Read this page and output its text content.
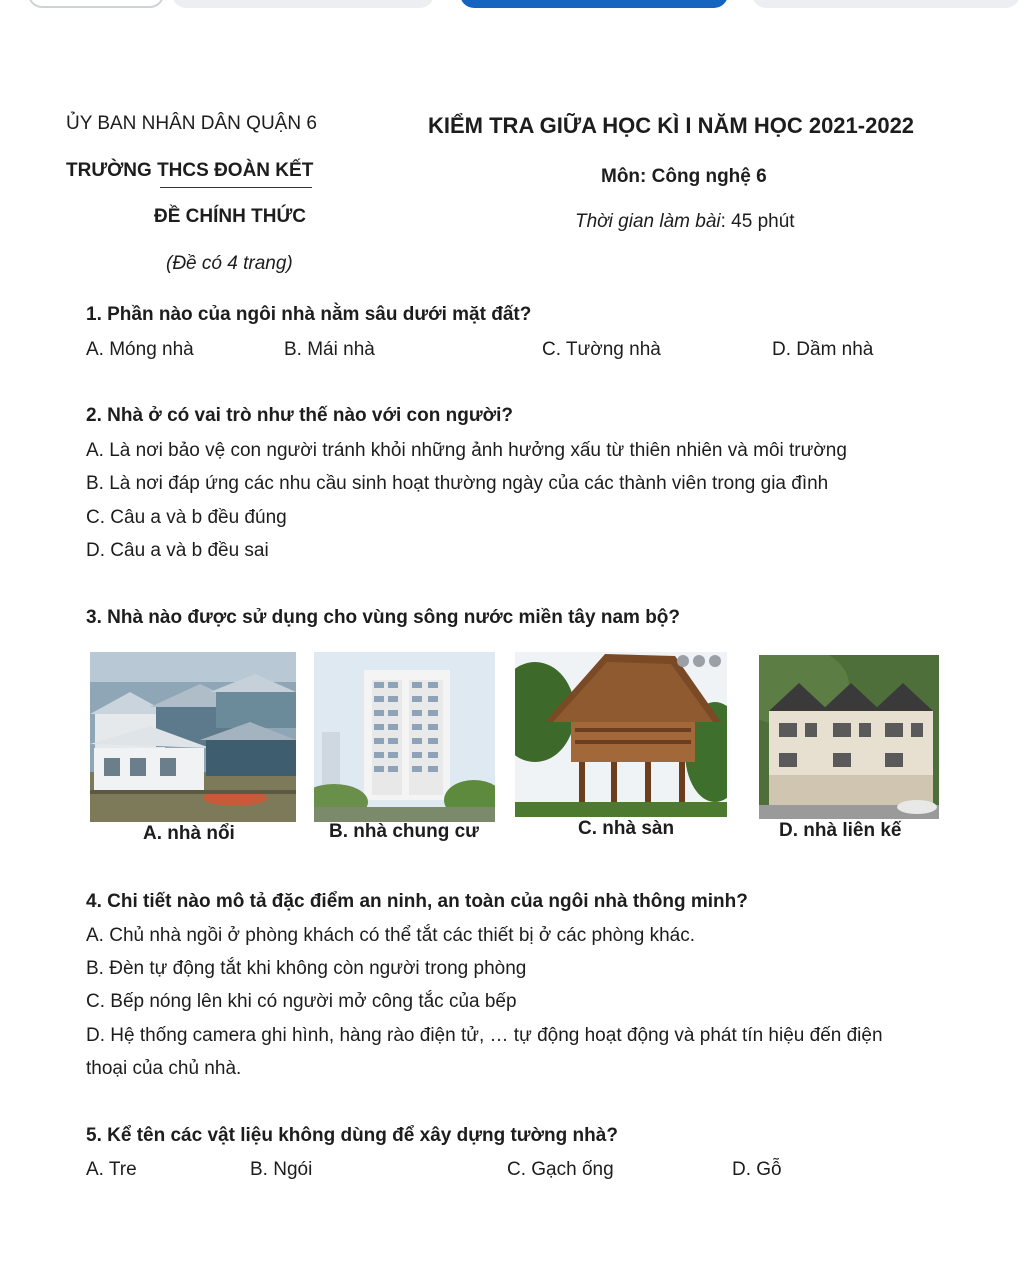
ỦY BAN NHÂN DÂN QUẬN 6	KIỂM TRA GIỮA HỌC KÌ I NĂM HỌC 2021-2022
TRƯỜNG THCS ĐOÀN KẾT	Môn: Công nghệ 6
ĐỀ CHÍNH THỨC	Thời gian làm bài: 45 phút
(Đề có 4 trang)
1. Phần nào của ngôi nhà nằm sâu dưới mặt đất?
A. Móng nhà	B. Mái nhà	C. Tường nhà	D. Dầm nhà
2. Nhà ở có vai trò như thế nào với con người?
A. Là nơi bảo vệ con người tránh khỏi những ảnh hưởng xấu từ thiên nhiên và môi trường
B. Là nơi đáp ứng các nhu cầu sinh hoạt thường ngày của các thành viên trong gia đình
C. Câu a và b đều đúng
D. Câu a và b đều sai
3. Nhà nào được sử dụng cho vùng sông nước miền tây nam bộ?
A. nhà nổi	B. nhà chung cư	C. nhà sàn	D. nhà liên kế
4. Chi tiết nào mô tả đặc điểm an ninh, an toàn của ngôi nhà thông minh?
A. Chủ nhà ngồi ở phòng khách có thể tắt các thiết bị ở các phòng khác.
B. Đèn tự động tắt khi không còn người trong phòng
C. Bếp nóng lên khi có người mở công tắc của bếp
D. Hệ thống camera ghi hình, hàng rào điện tử, … tự động hoạt động và phát tín hiệu đến điện
thoại của chủ nhà.
5. Kể tên các vật liệu không dùng để xây dựng tường nhà?
A. Tre	B. Ngói	C. Gạch ống	D. Gỗ
